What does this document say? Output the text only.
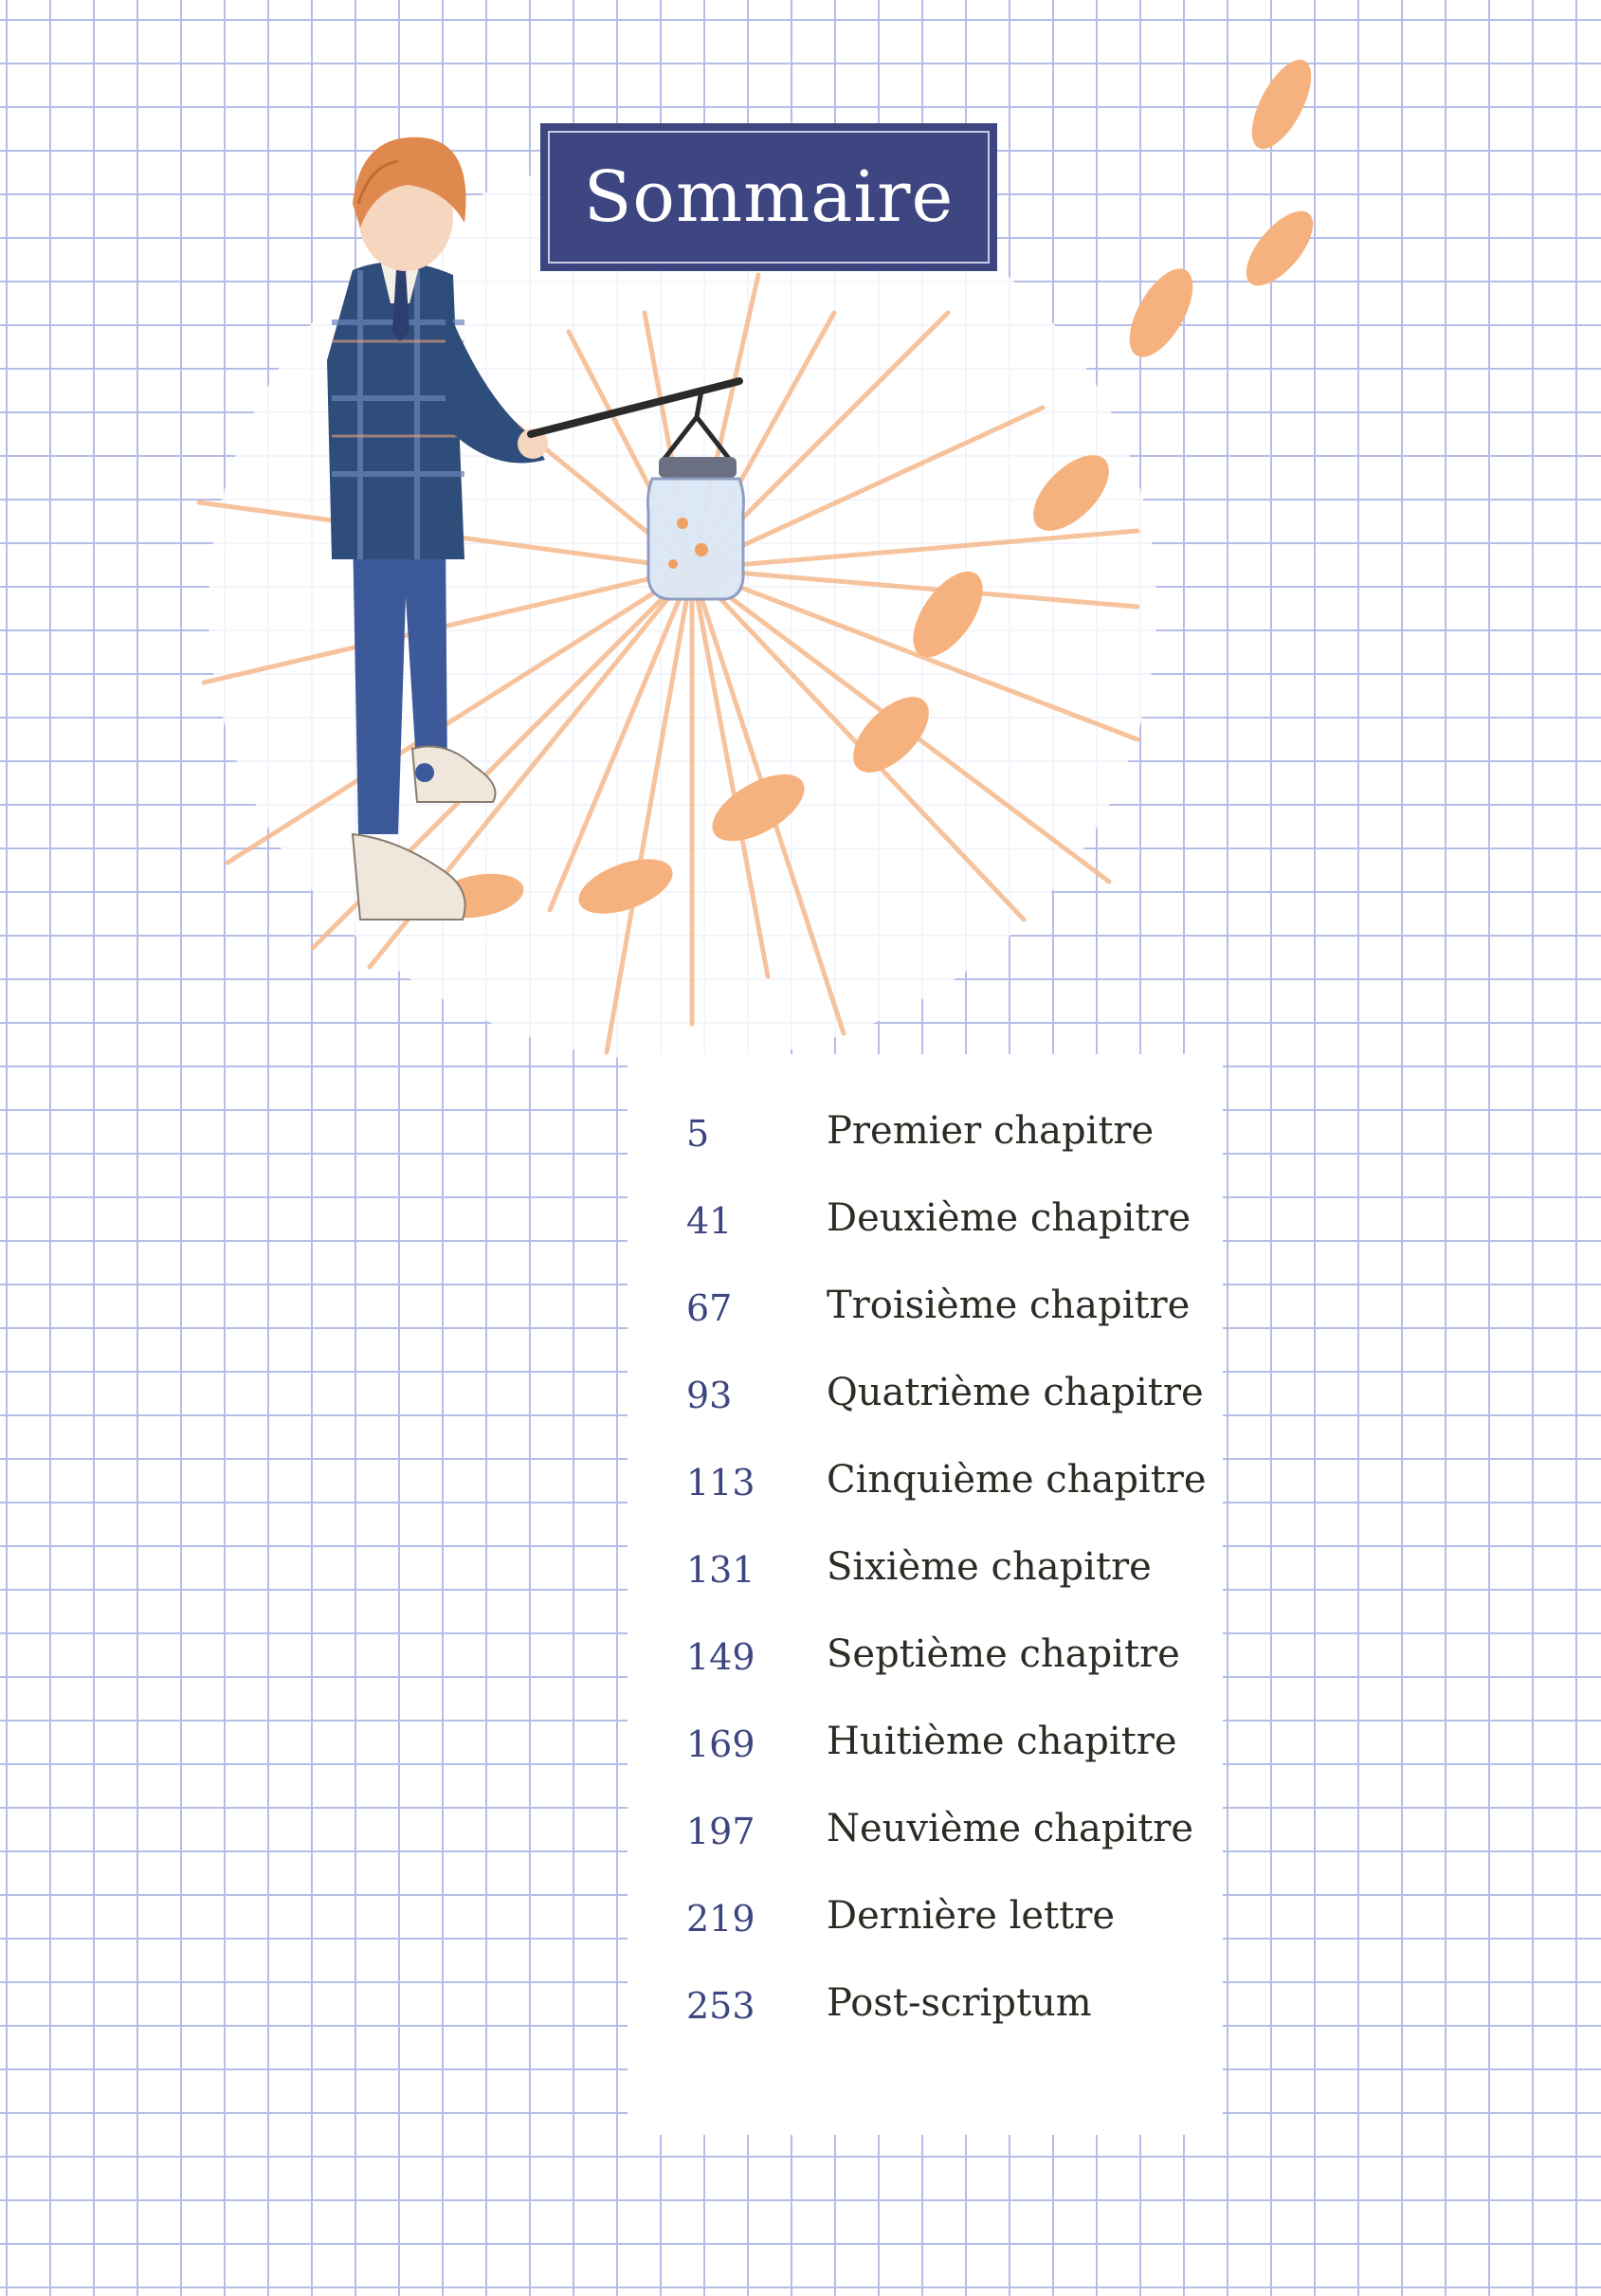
Sommaire
5	Premier chapitre
41 Deuxième chapitre
67 Troisième chapitre
93 Quatrième chapitre
113 Cinquième chapitre
131 Sixième chapitre
149 Septième chapitre
169 Huitième chapitre
197 Neuvième chapitre
219 Dernière lettre
253 Post-scriptum
